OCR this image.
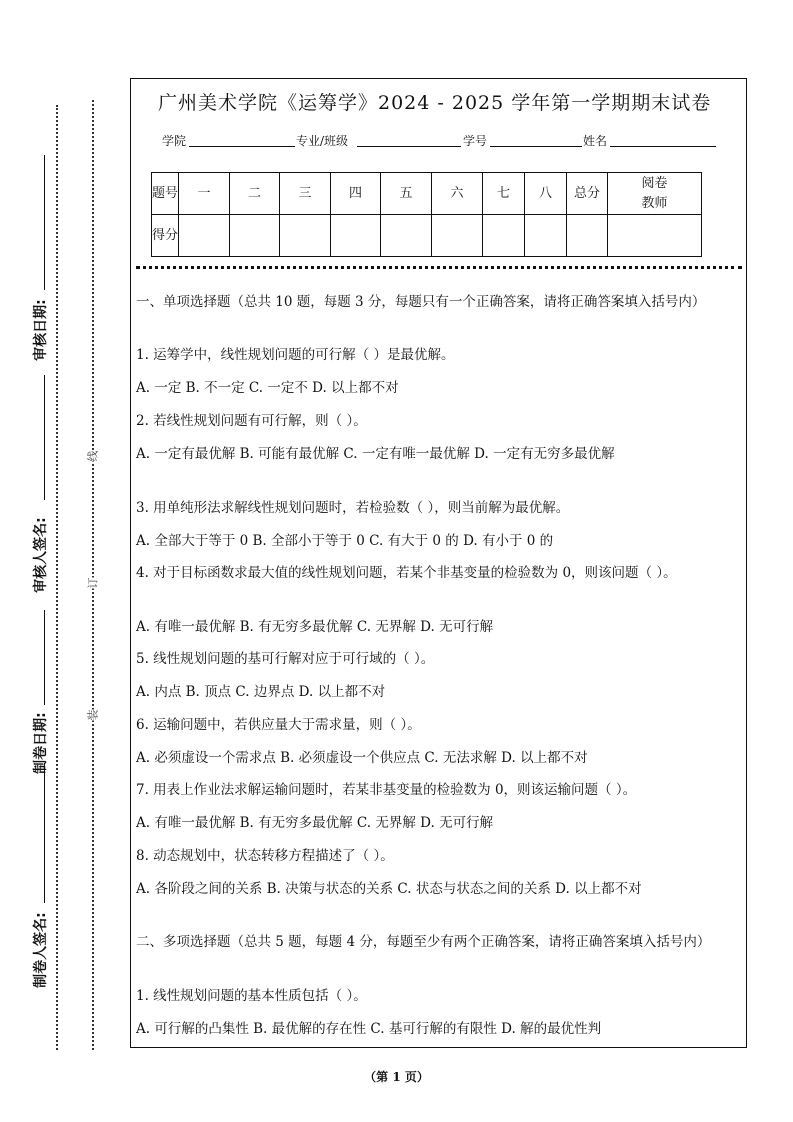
审核日期:
审核人签名:
制卷日期:
制卷人签名:
线
订
装
广州美术学院《运筹学》2024 - 2025 学年第一学期期末试卷
学院	专业/班级	学号	姓名
题号	一	二	三	四	五	六	七	八	总分	阅卷教师
得分										
一、单项选择题（总共 10 题，每题 3 分，每题只有一个正确答案，请将正确答案填入括号内）
1. 运筹学中，线性规划问题的可行解（ ）是最优解。
A. 一定 B. 不一定 C. 一定不 D. 以上都不对
2. 若线性规划问题有可行解，则（ ）。
A. 一定有最优解 B. 可能有最优解 C. 一定有唯一最优解 D. 一定有无穷多最优解
3. 用单纯形法求解线性规划问题时，若检验数（ ），则当前解为最优解。
A. 全部大于等于 0 B. 全部小于等于 0 C. 有大于 0 的 D. 有小于 0 的
4. 对于目标函数求最大值的线性规划问题，若某个非基变量的检验数为 0，则该问题（ ）。
A. 有唯一最优解 B. 有无穷多最优解 C. 无界解 D. 无可行解
5. 线性规划问题的基可行解对应于可行域的（ ）。
A. 内点 B. 顶点 C. 边界点 D. 以上都不对
6. 运输问题中，若供应量大于需求量，则（ ）。
A. 必须虚设一个需求点 B. 必须虚设一个供应点 C. 无法求解 D. 以上都不对
7. 用表上作业法求解运输问题时，若某非基变量的检验数为 0，则该运输问题（ ）。
A. 有唯一最优解 B. 有无穷多最优解 C. 无界解 D. 无可行解
8. 动态规划中，状态转移方程描述了（ ）。
A. 各阶段之间的关系 B. 决策与状态的关系 C. 状态与状态之间的关系 D. 以上都不对
二、多项选择题（总共 5 题，每题 4 分，每题至少有两个正确答案，请将正确答案填入括号内）
1. 线性规划问题的基本性质包括（ ）。
A. 可行解的凸集性 B. 最优解的存在性 C. 基可行解的有限性 D. 解的最优性判
（第 1 页）
